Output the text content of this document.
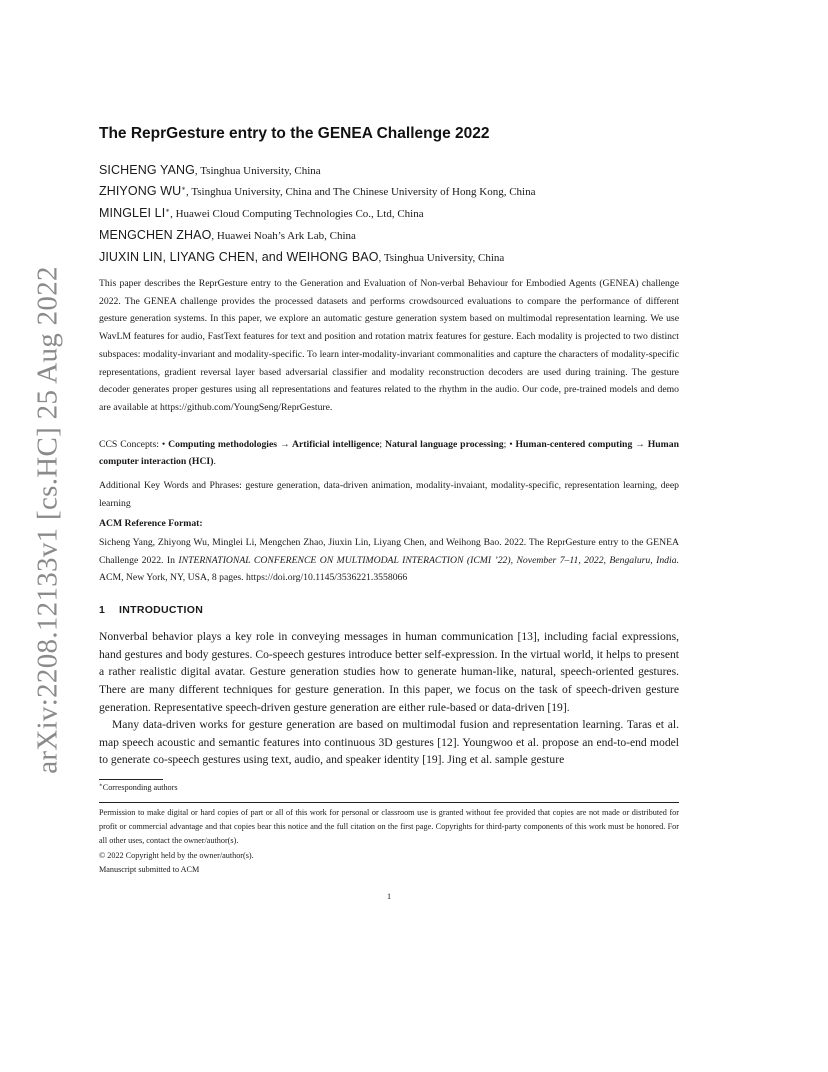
arXiv:2208.12133v1 [cs.HC] 25 Aug 2022
The ReprGesture entry to the GENEA Challenge 2022
SICHENG YANG, Tsinghua University, China
ZHIYONG WU∗, Tsinghua University, China and The Chinese University of Hong Kong, China
MINGLEI LI∗, Huawei Cloud Computing Technologies Co., Ltd, China
MENGCHEN ZHAO, Huawei Noah’s Ark Lab, China
JIUXIN LIN, LIYANG CHEN, and WEIHONG BAO, Tsinghua University, China

This paper describes the ReprGesture entry to the Generation and Evaluation of Non-verbal Behaviour for Embodied Agents (GENEA) challenge 2022. The GENEA challenge provides the processed datasets and performs crowdsourced evaluations to compare the performance of different gesture generation systems. In this paper, we explore an automatic gesture generation system based on multimodal representation learning. We use WavLM features for audio, FastText features for text and position and rotation matrix features for gesture. Each modality is projected to two distinct subspaces: modality-invariant and modality-specific. To learn inter-modality-invariant commonalities and capture the characters of modality-specific representations, gradient reversal layer based adversarial classifier and modality reconstruction decoders are used during training. The gesture decoder generates proper gestures using all representations and features related to the rhythm in the audio. Our code, pre-trained models and demo are available at https://github.com/YoungSeng/ReprGesture.

CCS Concepts: • Computing methodologies → Artificial intelligence; Natural language processing; • Human-centered computing → Human computer interaction (HCI).

Additional Key Words and Phrases: gesture generation, data-driven animation, modality-invaiant, modality-specific, representation learning, deep learning

ACM Reference Format:

Sicheng Yang, Zhiyong Wu, Minglei Li, Mengchen Zhao, Jiuxin Lin, Liyang Chen, and Weihong Bao. 2022. The ReprGesture entry to the GENEA Challenge 2022. In INTERNATIONAL CONFERENCE ON MULTIMODAL INTERACTION (ICMI ’22), November 7–11, 2022, Bengaluru, India. ACM, New York, NY, USA, 8 pages. https://doi.org/10.1145/3536221.3558066

1 INTRODUCTION

Nonverbal behavior plays a key role in conveying messages in human communication [13], including facial expressions, hand gestures and body gestures. Co-speech gestures introduce better self-expression. In the virtual world, it helps to present a rather realistic digital avatar. Gesture generation studies how to generate human-like, natural, speech-oriented gestures. There are many different techniques for gesture generation. In this paper, we focus on the task of speech-driven gesture generation. Representative speech-driven gesture generation are either rule-based or data-driven [19].

Many data-driven works for gesture generation are based on multimodal fusion and representation learning. Taras et al. map speech acoustic and semantic features into continuous 3D gestures [12]. Youngwoo et al. propose an end-to-end model to generate co-speech gestures using text, audio, and speaker identity [19]. Jing et al. sample gesture

∗Corresponding authors

Permission to make digital or hard copies of part or all of this work for personal or classroom use is granted without fee provided that copies are not made or distributed for profit or commercial advantage and that copies bear this notice and the full citation on the first page. Copyrights for third-party components of this work must be honored. For all other uses, contact the owner/author(s).

© 2022 Copyright held by the owner/author(s).

Manuscript submitted to ACM

1
